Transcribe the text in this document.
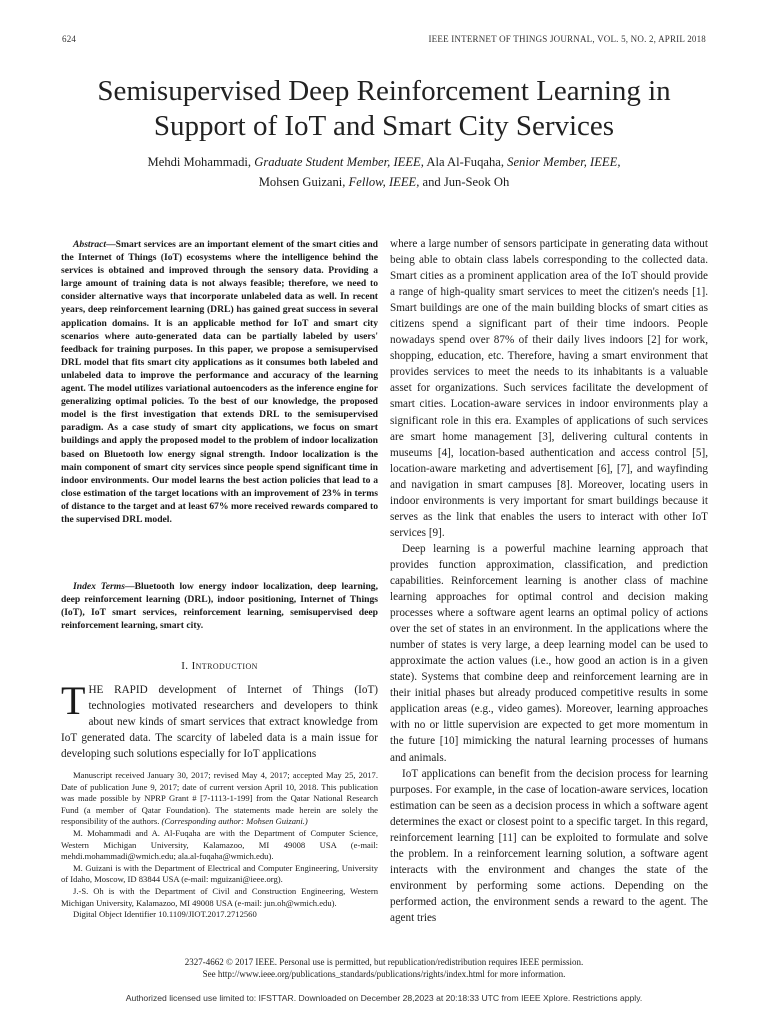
624	IEEE INTERNET OF THINGS JOURNAL, VOL. 5, NO. 2, APRIL 2018
Semisupervised Deep Reinforcement Learning in
Support of IoT and Smart City Services
Mehdi Mohammadi, Graduate Student Member, IEEE, Ala Al-Fuqaha, Senior Member, IEEE,
Mohsen Guizani, Fellow, IEEE, and Jun-Seok Oh

Abstract—Smart services are an important element of the smart cities and the Internet of Things (IoT) ecosystems where the intelligence behind the services is obtained and improved through the sensory data. Providing a large amount of training data is not always feasible; therefore, we need to consider alternative ways that incorporate unlabeled data as well. In recent years, deep reinforcement learning (DRL) has gained great success in several application domains. It is an applicable method for IoT and smart city scenarios where auto-generated data can be partially labeled by users' feedback for training purposes. In this paper, we propose a semisupervised DRL model that fits smart city applications as it consumes both labeled and unlabeled data to improve the performance and accuracy of the learning agent. The model utilizes variational autoencoders as the inference engine for generalizing optimal policies. To the best of our knowledge, the proposed model is the first investigation that extends DRL to the semisupervised paradigm. As a case study of smart city applications, we focus on smart buildings and apply the proposed model to the problem of indoor localization based on Bluetooth low energy signal strength. Indoor localization is the main component of smart city services since people spend significant time in indoor environments. Our model learns the best action policies that lead to a close estimation of the target locations with an improvement of 23% in terms of distance to the target and at least 67% more received rewards compared to the supervised DRL model.

Index Terms—Bluetooth low energy indoor localization, deep learning, deep reinforcement learning (DRL), indoor positioning, Internet of Things (IoT), IoT smart services, reinforcement learning, semisupervised deep reinforcement learning, smart city.

I. Introduction

THE RAPID development of Internet of Things (IoT) technologies motivated researchers and developers to think about new kinds of smart services that extract knowledge from IoT generated data. The scarcity of labeled data is a main issue for developing such solutions especially for IoT applications

Manuscript received January 30, 2017; revised May 4, 2017; accepted May 25, 2017. Date of publication June 9, 2017; date of current version April 10, 2018. This publication was made possible by NPRP Grant # [7-1113-1-199] from the Qatar National Research Fund (a member of Qatar Foundation). The statements made herein are solely the responsibility of the authors. (Corresponding author: Mohsen Guizani.)

M. Mohammadi and A. Al-Fuqaha are with the Department of Computer Science, Western Michigan University, Kalamazoo, MI 49008 USA (e-mail: mehdi.mohammadi@wmich.edu; ala.al-fuqaha@wmich.edu).

M. Guizani is with the Department of Electrical and Computer Engineering, University of Idaho, Moscow, ID 83844 USA (e-mail: mguizani@ieee.org).

J.-S. Oh is with the Department of Civil and Construction Engineering, Western Michigan University, Kalamazoo, MI 49008 USA (e-mail: jun.oh@wmich.edu).

Digital Object Identifier 10.1109/JIOT.2017.2712560

where a large number of sensors participate in generating data without being able to obtain class labels corresponding to the collected data. Smart cities as a prominent application area of the IoT should provide a range of high-quality smart services to meet the citizen's needs [1]. Smart buildings are one of the main building blocks of smart cities as citizens spend a significant part of their time indoors. People nowadays spend over 87% of their daily lives indoors [2] for work, shopping, education, etc. Therefore, having a smart environment that provides services to meet the needs to its inhabitants is a valuable asset for organizations. Such services facilitate the development of smart cities. Location-aware services in indoor environments play a significant role in this era. Examples of applications of such services are smart home management [3], delivering cultural contents in museums [4], location-based authentication and access control [5], location-aware marketing and advertisement [6], [7], and wayfinding and navigation in smart campuses [8]. Moreover, locating users in indoor environments is very important for smart buildings because it serves as the link that enables the users to interact with other IoT services [9].

Deep learning is a powerful machine learning approach that provides function approximation, classification, and prediction capabilities. Reinforcement learning is another class of machine learning approaches for optimal control and decision making processes where a software agent learns an optimal policy of actions over the set of states in an environment. In the applications where the number of states is very large, a deep learning model can be used to approximate the action values (i.e., how good an action is in a given state). Systems that combine deep and reinforcement learning are in their initial phases but already produced competitive results in some application areas (e.g., video games). Moreover, learning approaches with no or little supervision are expected to get more momentum in the future [10] mimicking the natural learning processes of humans and animals.

IoT applications can benefit from the decision process for learning purposes. For example, in the case of location-aware services, location estimation can be seen as a decision process in which a software agent determines the exact or closest point to a specific target. In this regard, reinforcement learning [11] can be exploited to formulate and solve the problem. In a reinforcement learning solution, a software agent interacts with the environment and changes the state of the environment by performing some actions. Depending on the performed action, the environment sends a reward to the agent. The agent tries

2327-4662 © 2017 IEEE. Personal use is permitted, but republication/redistribution requires IEEE permission.
See http://www.ieee.org/publications_standards/publications/rights/index.html for more information.
Authorized licensed use limited to: IFSTTAR. Downloaded on December 28,2023 at 20:18:33 UTC from IEEE Xplore. Restrictions apply.
